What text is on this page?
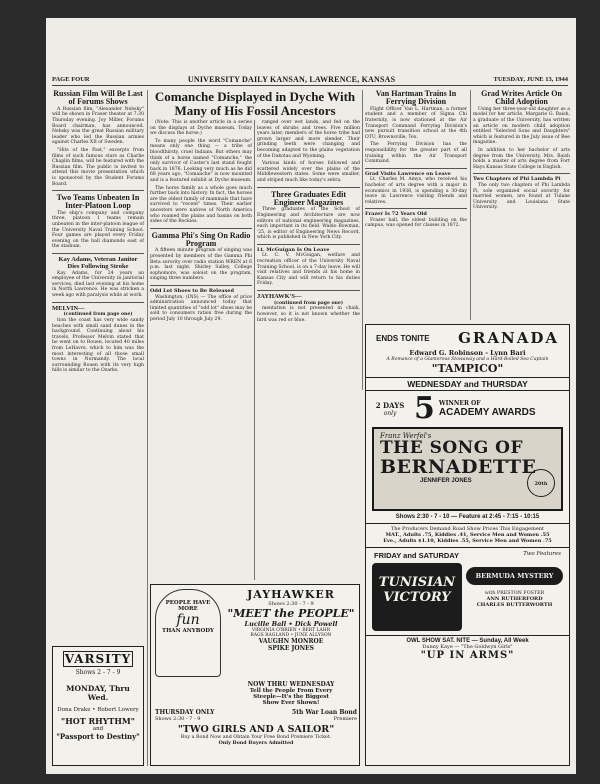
PAGE FOUR	UNIVERSITY DAILY KANSAN, LAWRENCE, KANSAS	TUESDAY, JUNE 13, 1944
Russian Film Will Be Last of Forums Shows

A Russian film, "Alexander Nebsky" will be shown in Fraser theater at 7:30 Thursday evening. Joy Miller, Forums Board chairman, has announced. Nebsky was the great Russian military leader who led the Russian armies against Charles XII of Sweden.

"Hits of the Past," excerpts from films of such famous stars as Charlie Chaplin films, will be featured with the Russian film. The public is invited to attend this movie presentation which is sponsored by the Student Forums Board.

Two Teams Unbeaten In Inter-Platoon Loop

The ship's company and company three, platoon 1 teams remain unbeaten in the inter-platoon league of the University Naval Training School. Four games are played every Friday evening on the ball diamonds east of the stadium.

Kay Adams, Veteran Janitor Dies Following Stroke

Kay Adams, for 24 years an employee of the University in janitorial services, died last evening at his home in North Lawrence. He was stricken a week ago with paralysis while at work.

MELVIN—
(continued from page one)

tion the coast has very wide sandy beaches with small sand dunes in the background. Continuing about his travels, Professor Melvin stated that he went on to Rouen, located 40 miles from LeHavre, which to him was the most interesting of all those small towns in Normandy. The local surrounding Rouen with its very high hills is similar to the Ozarks.

VARSITY
Shows 2 - 7 - 9
MONDAY, Thru Wed.
Dona Drake • Robert Lowery
"HOT RHYTHM"
and
"Passport to Destiny"
Comanche Displayed in Dyche With Many of His Fossil Ancestors

(Note: This is another article in a series on the displays at Dyche museum. Today we discuss the horse.)

To many people the word "Comanche" means only one thing — a tribe of bloodthirsty, cruel Indians. But others may think of a horse named "Comanche," the only survivor of Custer's last stand fought back in 1876. Looking very much as he did 68 years ago, "Comanche" is now mounted and is a featured exhibit at Dyche museum.

The horse family as a whole goes much further back into history. In fact, the horses are the oldest family of mammals that have survived to "recent" times. Their earlier ancestors were natives of North America who roamed the plains and basins on both sides of the Rockies.

Gamma Phi's Sing On Radio Program

A fifteen minute program of singing was presented by members of the Gamma Phi Beta sorority over radio station WREN at 6 p.m. last night. Shirley Salley, College sophomore, was soloist on the program, singing three numbers.

Odd Lot Shoes to Be Released

Washington, (INS) — The office of price administration announced today that limited quantities of "odd lot" shoes may be sold to consumers ration free during the period July 10 through July 29.

ranged over wet lands, and fed on the leaves of shrubs and trees. Five million years later, members of the horse tribe had grown larger and more slender. Their grinding teeth were changing and becoming adapted to the plains vegetation of the Dakotas and Wyoming.

Various kinds of horses followed and scattered widely over the plains of the Middlewestern states. Some were smaller, and striped much like today's zebra.

Three Graduates Edit Engineer Magazines

Three graduates of the School of Engineering and Architecture are now editors of national engineering magazines, each important in its field. Waldo Bowman, '25, is editor of Engineering News Record, which is published in New York City.

Lt. McGuigan Is On Leave

Lt. C. V. McGuigan, welfare and recreation officer of the University Naval Training School, is on a 7-day leave. He will visit relatives and friends at his home in Kansas City and will return to his duties Friday.

JAYHAWK'S—
(continued from page one)

mentation is not presented in chalk, however, so it is not known whether the bird was red or blue.

PEOPLE HAVE MORE
fun
THAN ANYBODY
JAYHAWKER
Shows 2:30 - 7 - 9
"MEET the PEOPLE"
Lucille Ball • Dick Powell
VIRGINIA O'BRIEN • BERT LAHR
RAGS RAGLAND • JUNE ALLYSON
VAUGHN MONROE
SPIKE JONES
NOW THRU WEDNESDAY
Tell the People From Every
Steeple—It's the Biggest
Show Ever Shown!
THURSDAY ONLY	5th War Loan Bond
Shows 2:30 - 7 - 9	Premiere
"TWO GIRLS AND A SAILOR"
Buy a Bond Now and Obtain Your Free Bond Premiere Ticket.
Only Bond Buyers Admitted
Van Hartman Trains In Ferrying Division

Flight Officer Van L. Hartman, a former student and a member of Sigma Chi fraternity, is now stationed at the Air Transport Command Ferrying Division's new pursuit transition school at the 4th OTU, Brownsville, Tex.

The Ferrying Division has the responsibility for the greater part of all training within the Air Transport Command.

Grad Visits Lawrence on Leave

Lt. Charles M. Amyx, who received his bachelor of arts degree with a major in economics in 1938, is spending a 30-day leave in Lawrence visiting friends and relatives.

Frazer Is 72 Years Old

Frazer hall, the oldest building on the campus, was opened for classes in 1872.

Grad Writes Article On Child Adoption

Using her three-year-old daughter as a model for her article, Margarie G. Baish, a graduate of the University, has written an article on modern child adoption entitled "Selected Sons and Daughters" which is featured in the July issue of Bee magazine.

In addition to her bachelor of arts degree from the University, Mrs. Baish holds a master of arts degree from Fort Hays Kansas State College in English.

Two Chapters of Phi Lambda Pi

The only two chapters of Phi Lambda Pi, sole organized social sorority for married women, are found at Tulane University and Louisiana State University.

ENDS TONITE GRANADA
Edward G. Robinson - Lynn Bari
A Romance of a Glamorous Stowaway and a Hard-Boiled Sea Captain
"TAMPICO"
WEDNESDAY and THURSDAY
2 DAYS
only 5 WINNER OF
ACADEMY AWARDS
Franz Werfel's
THE SONG OF
BERNADETTE
JENNIFER JONES
20th
Shows 2:30 - 7 - 10 — Feature at 2:45 - 7:15 - 10:15
The Producers Demand Road Show Prices This Engagement
MAT., Adults .75, Kiddies .41, Service Men and Women .55
Eve., Adults $1.10, Kiddies .55, Service Men and Women .75
FRIDAY and SATURDAY	Two Features
TUNISIAN
VICTORY
BERMUDA MYSTERY
with PRESTON FOSTER
ANN RUTHERFORD
CHARLES BUTTERWORTH
OWL SHOW SAT. NITE — Sunday, All Week
Danny Kaye — "The Goldwyn Girls"
"UP IN ARMS"
